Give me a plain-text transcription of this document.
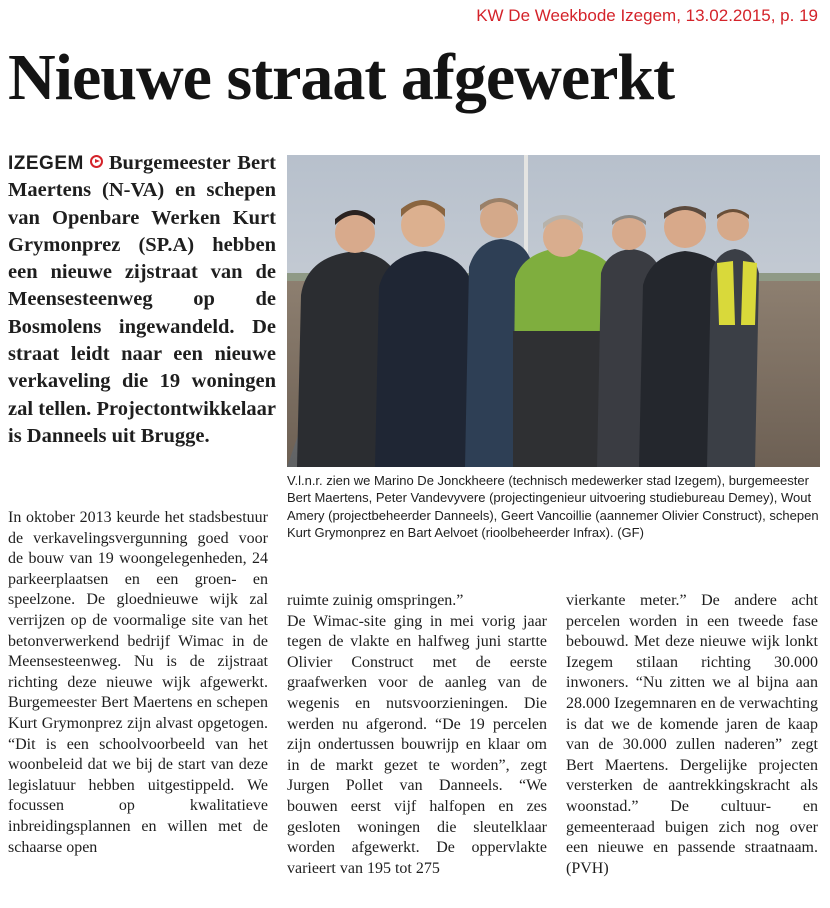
KW De Weekbode Izegem, 13.02.2015, p. 19
Nieuwe straat afgewerkt
IZEGEM Burgemeester Bert Maertens (N-VA) en schepen van Openbare Werken Kurt Grymonprez (SP.A) hebben een nieuwe zijstraat van de Meensesteenweg op de Bosmolens ingewandeld. De straat leidt naar een nieuwe verkaveling die 19 woningen zal tellen. Projectontwikkelaar is Danneels uit Brugge.

In oktober 2013 keurde het stadsbestuur de verkavelingsvergunning goed voor de bouw van 19 woongelegenheden, 24 parkeerplaatsen en een groen- en speelzone. De gloednieuwe wijk zal verrijzen op de voormalige site van het betonverwerkend bedrijf Wimac in de Meensesteenweg. Nu is de zijstraat richting deze nieuwe wijk afgewerkt. Burgemeester Bert Maertens en schepen Kurt Grymonprez zijn alvast opgetogen. “Dit is een schoolvoorbeeld van het woonbeleid dat we bij de start van deze legislatuur hebben uitgestippeld. We focussen op kwalitatieve inbreidingsplannen en willen met de schaarse open

ruimte zuinig omspringen.”

De Wimac-site ging in mei vorig jaar tegen de vlakte en halfweg juni startte Olivier Construct met de eerste graafwerken voor de aanleg van de wegenis en nutsvoorzieningen. Die werden nu afgerond. “De 19 percelen zijn ondertussen bouwrijp en klaar om in de markt gezet te worden”, zegt Jurgen Pollet van Danneels. “We bouwen eerst vijf halfopen en zes gesloten woningen die sleutelklaar worden afgewerkt. De oppervlakte varieert van 195 tot 275

vierkante meter.” De andere acht percelen worden in een tweede fase bebouwd. Met deze nieuwe wijk lonkt Izegem stilaan richting 30.000 inwoners. “Nu zitten we al bijna aan 28.000 Izegemnaren en de verwachting is dat we de komende jaren de kaap van de 30.000 zullen naderen” zegt Bert Maertens. Dergelijke projecten versterken de aantrekkingskracht als woonstad.” De cultuur- en gemeenteraad buigen zich nog over een nieuwe en passende straatnaam. (PVH)

V.l.n.r. zien we Marino De Jonckheere (technisch medewerker stad Izegem), burgemeester Bert Maertens, Peter Vandevyvere (projectingenieur uitvoering studiebureau Demey), Wout Amery (projectbeheerder Danneels), Geert Vancoillie (aannemer Olivier Construct), schepen Kurt Grymonprez en Bart Aelvoet (rioolbeheerder Infrax). (GF)
